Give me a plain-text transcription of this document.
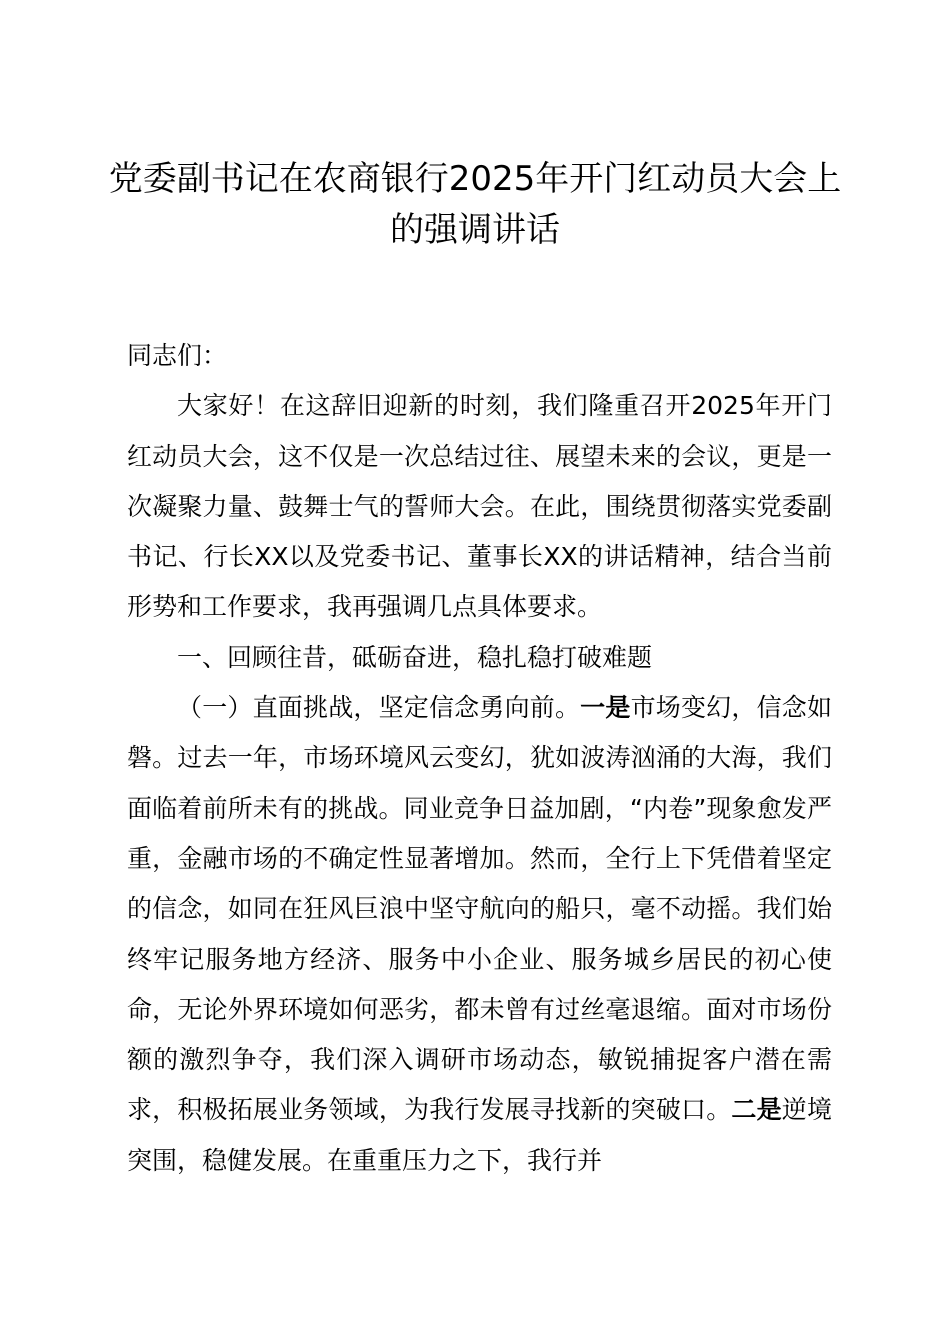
党委副书记在农商银行2025年开门红动员大会上的强调讲话

同志们：

大家好！在这辞旧迎新的时刻，我们隆重召开2025年开门红动员大会，这不仅是一次总结过往、展望未来的会议，更是一次凝聚力量、鼓舞士气的誓师大会。在此，围绕贯彻落实党委副书记、行长XX以及党委书记、董事长XX的讲话精神，结合当前形势和工作要求，我再强调几点具体要求。

一、回顾往昔，砥砺奋进，稳扎稳打破难题

（一）直面挑战，坚定信念勇向前。一是市场变幻，信念如磐。过去一年，市场环境风云变幻，犹如波涛汹涌的大海，我们面临着前所未有的挑战。同业竞争日益加剧，“内卷”现象愈发严重，金融市场的不确定性显著增加。然而，全行上下凭借着坚定的信念，如同在狂风巨浪中坚守航向的船只，毫不动摇。我们始终牢记服务地方经济、服务中小企业、服务城乡居民的初心使命，无论外界环境如何恶劣，都未曾有过丝毫退缩。面对市场份额的激烈争夺，我们深入调研市场动态，敏锐捕捉客户潜在需求，积极拓展业务领域，为我行发展寻找新的突破口。二是逆境突围，稳健发展。在重重压力之下，我行并
